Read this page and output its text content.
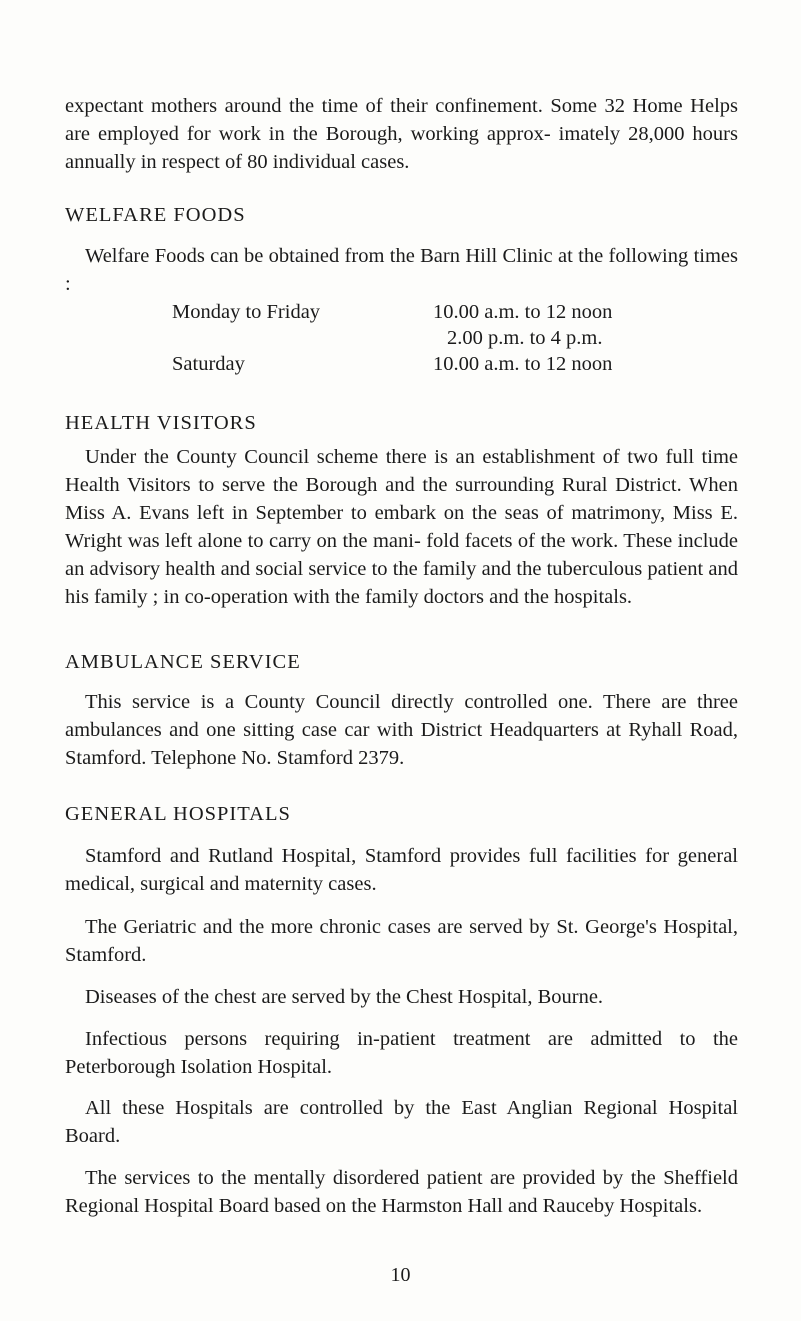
expectant mothers around the time of their confinement. Some 32 Home Helps are employed for work in the Borough, working approx- imately 28,000 hours annually in respect of 80 individual cases.

WELFARE FOODS

Welfare Foods can be obtained from the Barn Hill Clinic at the following times :

Monday to Friday	10.00 a.m. to 12 noon
2.00 p.m. to 4 p.m.
Saturday	10.00 a.m. to 12 noon
HEALTH VISITORS

Under the County Council scheme there is an establishment of two full time Health Visitors to serve the Borough and the surrounding Rural District. When Miss A. Evans left in September to embark on the seas of matrimony, Miss E. Wright was left alone to carry on the mani- fold facets of the work. These include an advisory health and social service to the family and the tuberculous patient and his family ; in co-operation with the family doctors and the hospitals.

AMBULANCE SERVICE

This service is a County Council directly controlled one. There are three ambulances and one sitting case car with District Headquarters at Ryhall Road, Stamford. Telephone No. Stamford 2379.

GENERAL HOSPITALS

Stamford and Rutland Hospital, Stamford provides full facilities for general medical, surgical and maternity cases.

The Geriatric and the more chronic cases are served by St. George's Hospital, Stamford.

Diseases of the chest are served by the Chest Hospital, Bourne.

Infectious persons requiring in-patient treatment are admitted to the Peterborough Isolation Hospital.

All these Hospitals are controlled by the East Anglian Regional Hospital Board.

The services to the mentally disordered patient are provided by the Sheffield Regional Hospital Board based on the Harmston Hall and Rauceby Hospitals.

10
